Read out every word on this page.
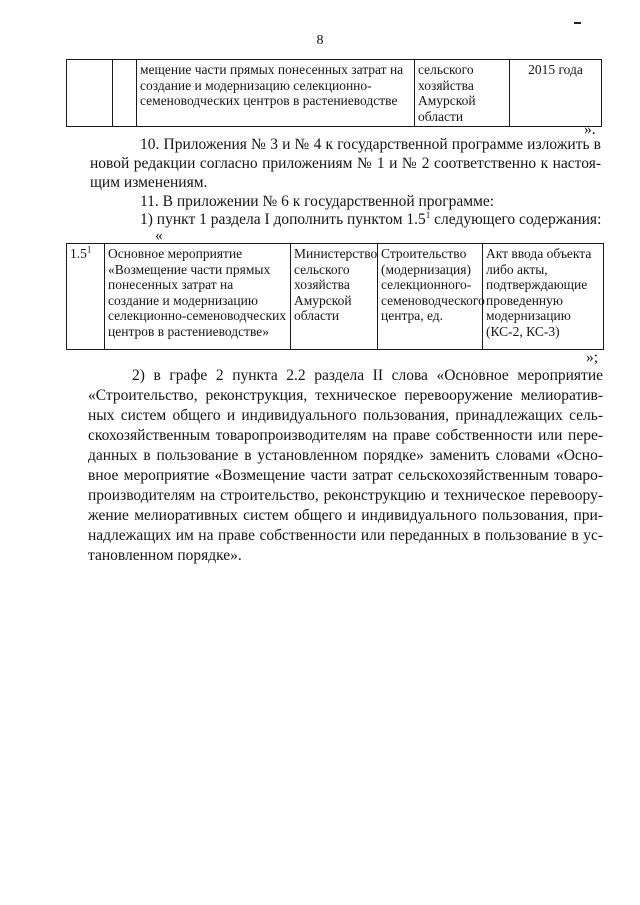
8
		мещение части прямых понесенных затрат на создание и модернизацию селекционно-семеноводческих центров в растениеводстве	сельского хозяйства Амурской области	2015 года
».
10. Приложения № 3 и № 4 к государственной программе изложить в
новой редакции согласно приложениям № 1 и № 2 соответственно к настоя-
щим изменениям.
11. В приложении № 6 к государственной программе:
1) пункт 1 раздела I дополнить пунктом $1.5^1$ следующего содержания:
«
$1.5^1$	Основное мероприятие «Возмещение части прямых понесенных затрат на создание и модернизацию селекционно-семеноводческих центров в растениеводстве»	Министерство сельского хозяйства Амурской области	Строительство (модернизация) селекционного-семеноводческого центра, ед.	Акт ввода объекта либо акты, подтверждающие проведенную модернизацию (КС-2, КС-3)
»;
2) в графе 2 пункта 2.2 раздела II слова «Основное мероприятие
«Строительство, реконструкция, техническое перевооружение мелиоратив-
ных систем общего и индивидуального пользования, принадлежащих сель-
скохозяйственным товаропроизводителям на праве собственности или пере-
данных в пользование в установленном порядке» заменить словами «Осно-
вное мероприятие «Возмещение части затрат сельскохозяйственным товаро-
производителям на строительство, реконструкцию и техническое перевоору-
жение мелиоративных систем общего и индивидуального пользования, при-
надлежащих им на праве собственности или переданных в пользование в ус-
тановленном порядке».
